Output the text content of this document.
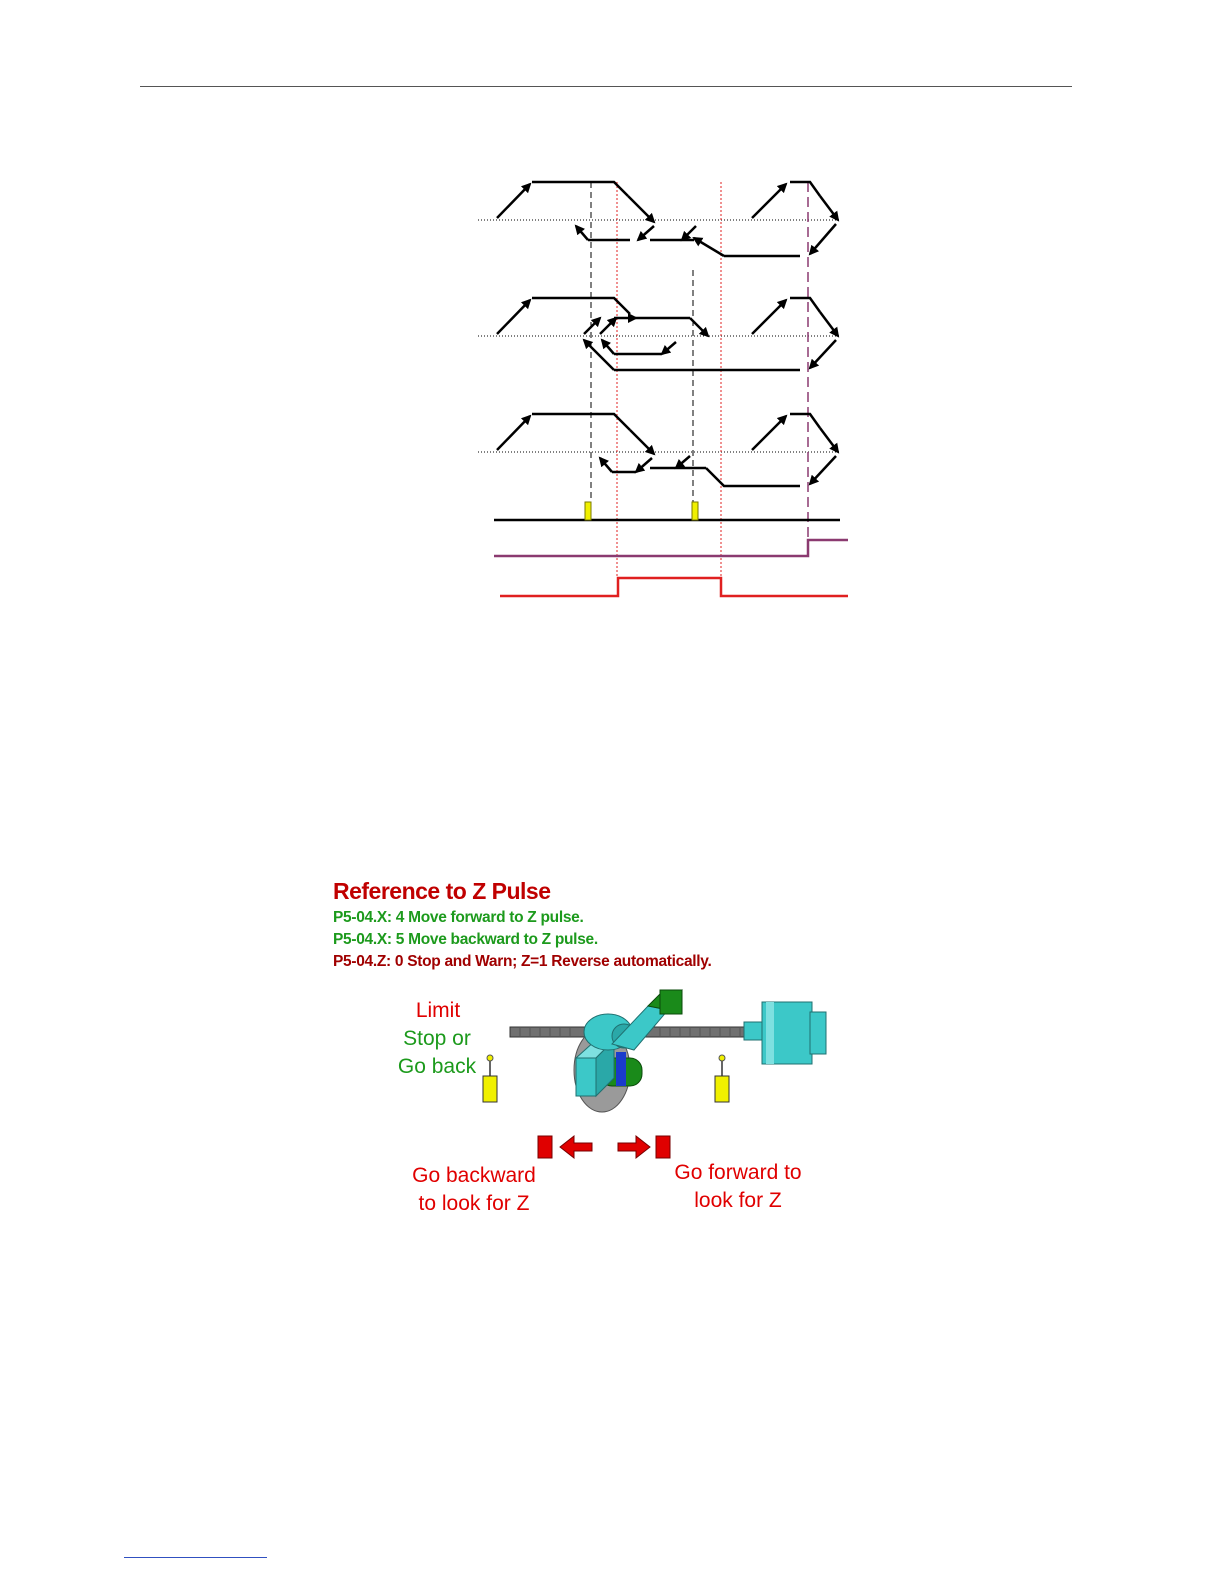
Reference to Z Pulse
P5-04.X: 4 Move forward to Z pulse.
P5-04.X: 5 Move backward to Z pulse.
P5-04.Z: 0 Stop and Warn; Z=1 Reverse automatically.
Limit
Stop or
Go back
Go backward
to look for Z
Go forward to
look for Z
